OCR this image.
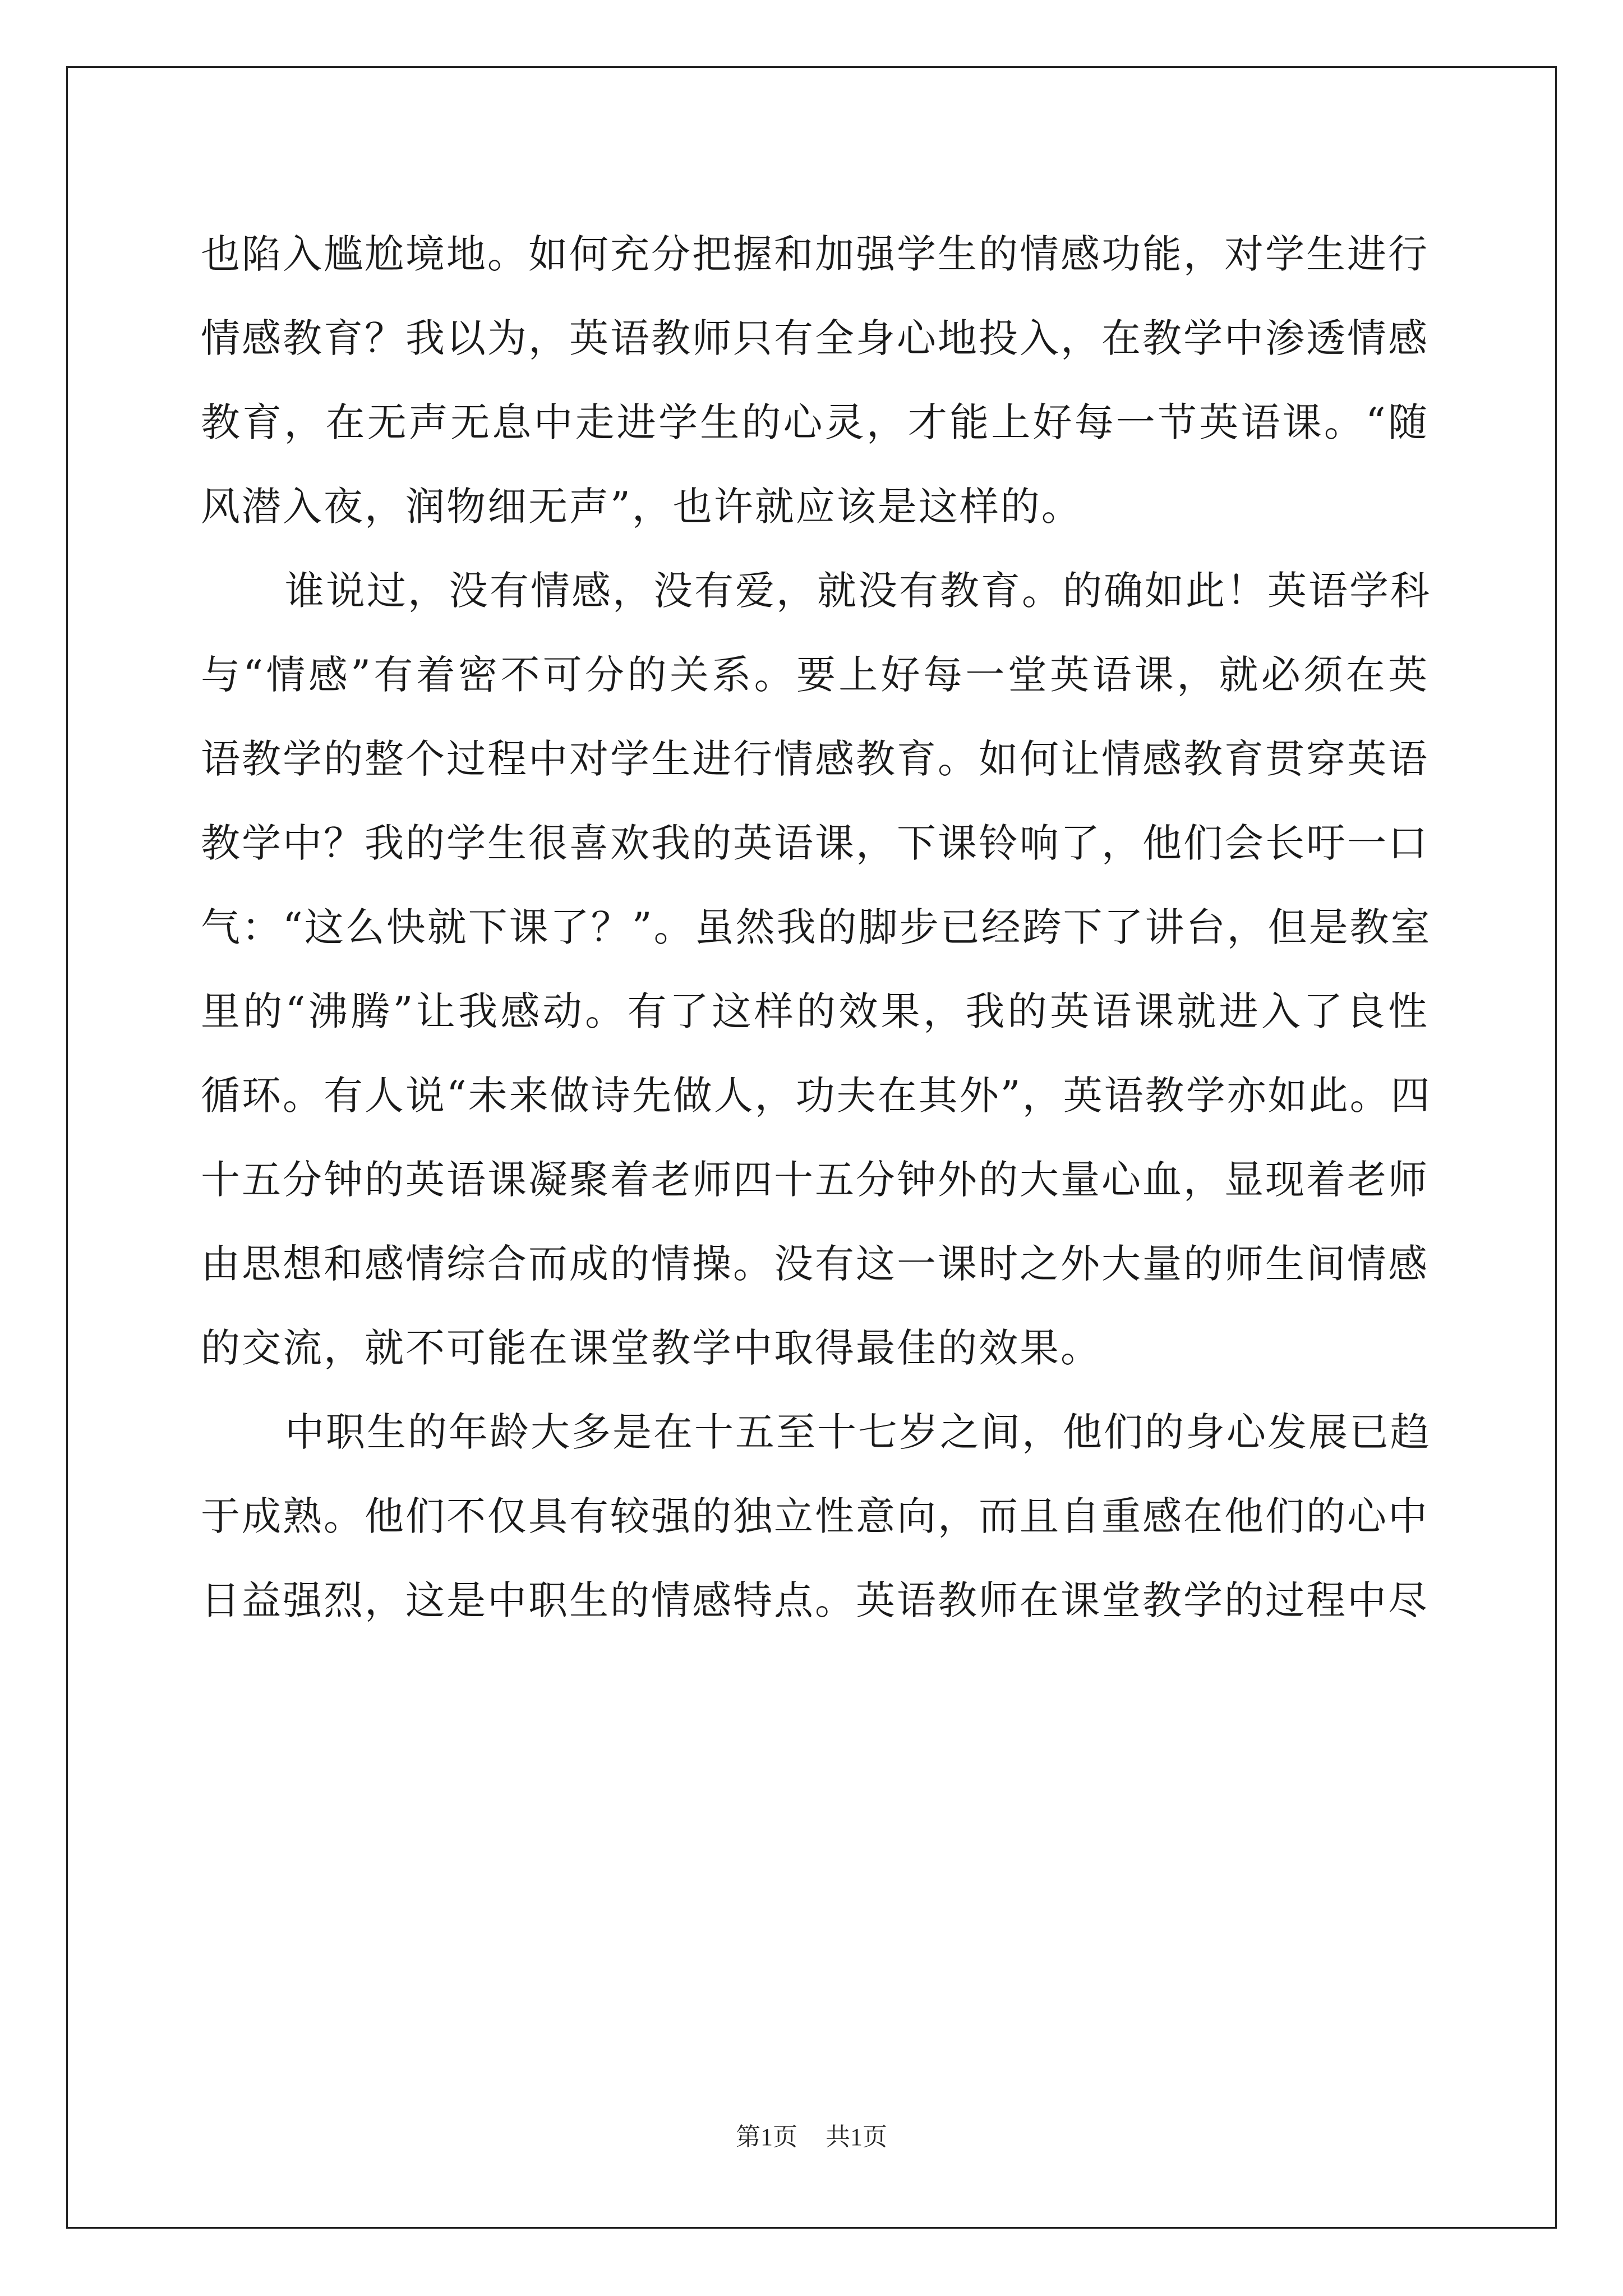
也陷入尴尬境地。如何充分把握和加强学生的情感功能，对学生进行
情感教育？我以为，英语教师只有全身心地投入，在教学中渗透情感
教育，在无声无息中走进学生的心灵，才能上好每一节英语课。“随
风潜入夜，润物细无声”，也许就应该是这样的。
谁说过，没有情感，没有爱，就没有教育。的确如此！英语学科
与“情感”有着密不可分的关系。要上好每一堂英语课，就必须在英
语教学的整个过程中对学生进行情感教育。如何让情感教育贯穿英语
教学中？我的学生很喜欢我的英语课，下课铃响了，他们会长吁一口
气：“这么快就下课了？”。虽然我的脚步已经跨下了讲台，但是教室
里的“沸腾”让我感动。有了这样的效果，我的英语课就进入了良性
循环。有人说“未来做诗先做人，功夫在其外”，英语教学亦如此。四
十五分钟的英语课凝聚着老师四十五分钟外的大量心血，显现着老师
由思想和感情综合而成的情操。没有这一课时之外大量的师生间情感
的交流，就不可能在课堂教学中取得最佳的效果。
中职生的年龄大多是在十五至十七岁之间，他们的身心发展已趋
于成熟。他们不仅具有较强的独立性意向，而且自重感在他们的心中
日益强烈，这是中职生的情感特点。英语教师在课堂教学的过程中尽
第1页 共1页
